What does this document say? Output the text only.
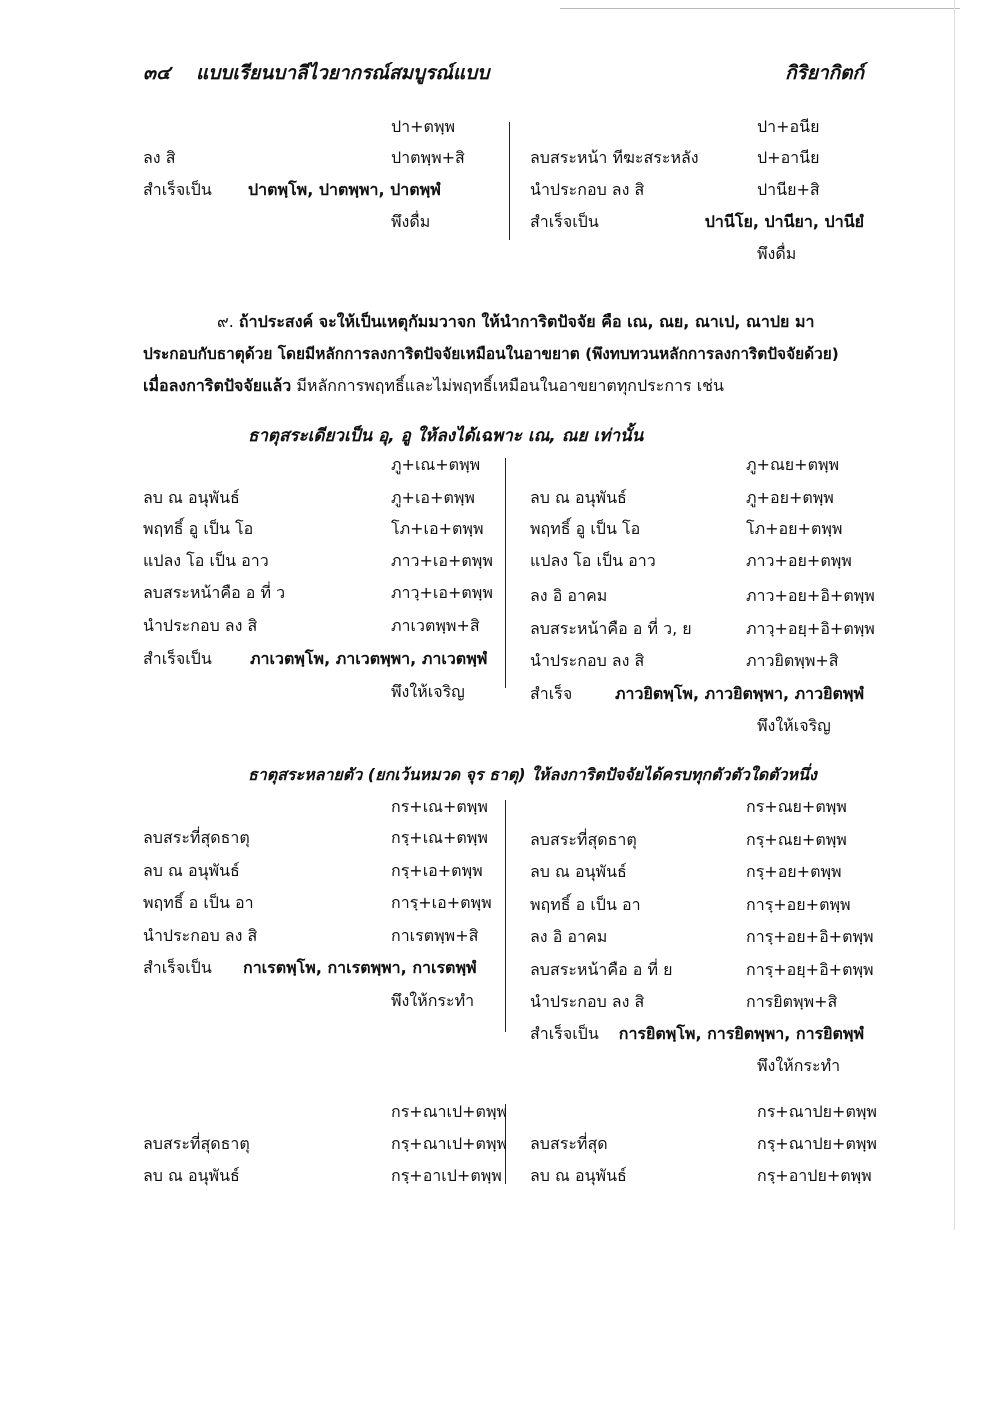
๓๔ แบบเรียนบาลีไวยากรณ์สมบูรณ์แบบ	กิริยากิตก์
ปา+ตพฺพ
ลง สิ	ปาตพฺพ+สิ
สำเร็จเป็น ปาตพฺโพ, ปาตพฺพา, ปาตพฺพํ
พึงดื่ม
ปา+อนีย
ลบสระหน้า ทีฆะสระหลัง	ป+อานีย
นำประกอบ ลง สิ	ปานีย+สิ
สำเร็จเป็น	ปานีโย, ปานียา, ปานียํ
พึงดื่ม

๙. ถ้าประสงค์ จะให้เป็นเหตุกัมมวาจก ให้นำการิตปัจจัย คือ เณ, ณย, ณาเป, ณาปย มา

ประกอบกับธาตุด้วย โดยมีหลักการลงการิตปัจจัยเหมือนในอาขยาต (พึงทบทวนหลักการลงการิตปัจจัยด้วย)

เมื่อลงการิตปัจจัยแล้ว มีหลักการพฤทธิ์และไม่พฤทธิ์เหมือนในอาขยาตทุกประการ เช่น

ธาตุสระเดียวเป็น อุ, อู ให้ลงได้เฉพาะ เณ, ณย เท่านั้น
ภู+เณ+ตพฺพ
ลบ ณ อนุพันธ์	ภู+เอ+ตพฺพ
พฤทธิ์ อู เป็น โอ	โภ+เอ+ตพฺพ
แปลง โอ เป็น อาว	ภาว+เอ+ตพฺพ
ลบสระหน้าคือ อ ที่ ว	ภาวฺ+เอ+ตพฺพ
นำประกอบ ลง สิ	ภาเวตพฺพ+สิ
สำเร็จเป็น ภาเวตพฺโพ, ภาเวตพฺพา, ภาเวตพฺพํ
พึงให้เจริญ
ภู+ณย+ตพฺพ
ลบ ณ อนุพันธ์	ภู+อย+ตพฺพ
พฤทธิ์ อู เป็น โอ	โภ+อย+ตพฺพ
แปลง โอ เป็น อาว	ภาว+อย+ตพฺพ
ลง อิ อาคม	ภาว+อย+อิ+ตพฺพ
ลบสระหน้าคือ อ ที่ ว, ย	ภาวฺ+อยฺ+อิ+ตพฺพ
นำประกอบ ลง สิ	ภาวยิตพฺพ+สิ
สำเร็จ	ภาวยิตพฺโพ, ภาวยิตพฺพา, ภาวยิตพฺพํ
พึงให้เจริญ
ธาตุสระหลายตัว (ยกเว้นหมวด จุร ธาตุ) ให้ลงการิตปัจจัยได้ครบทุกตัวตัวใดตัวหนึ่ง
กร+เณ+ตพฺพ
ลบสระที่สุดธาตุ	กรฺ+เณ+ตพฺพ
ลบ ณ อนุพันธ์	กรฺ+เอ+ตพฺพ
พฤทธิ์ อ เป็น อา	การฺ+เอ+ตพฺพ
นำประกอบ ลง สิ	กาเรตพฺพ+สิ
สำเร็จเป็น กาเรตพฺโพ, กาเรตพฺพา, กาเรตพฺพํ
พึงให้กระทำ
กร+ณย+ตพฺพ
ลบสระที่สุดธาตุ	กรฺ+ณย+ตพฺพ
ลบ ณ อนุพันธ์	กรฺ+อย+ตพฺพ
พฤทธิ์ อ เป็น อา	การฺ+อย+ตพฺพ
ลง อิ อาคม	การฺ+อย+อิ+ตพฺพ
ลบสระหน้าคือ อ ที่ ย	การฺ+อยฺ+อิ+ตพฺพ
นำประกอบ ลง สิ	การยิตพฺพ+สิ
สำเร็จเป็น การยิตพฺโพ, การยิตพฺพา, การยิตพฺพํ
พึงให้กระทำ
กร+ณาเป+ตพฺพ
ลบสระที่สุดธาตุ	กรฺ+ณาเป+ตพฺพ
ลบ ณ อนุพันธ์	กรฺ+อาเป+ตพฺพ
กร+ณาปย+ตพฺพ
ลบสระที่สุด	กรฺ+ณาปย+ตพฺพ
ลบ ณ อนุพันธ์	กรฺ+อาปย+ตพฺพ
